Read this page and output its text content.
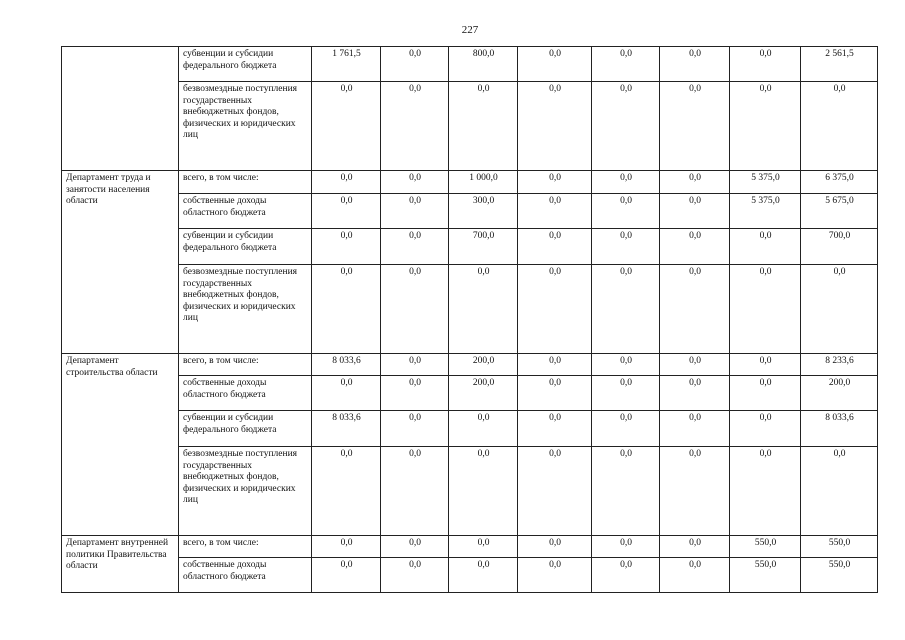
227
	субвенции и субсидии федерального бюджета	1 761,5	0,0	800,0	0,0	0,0	0,0	0,0	2 561,5
	безвозмездные поступления государственных внебюджетных фондов, физических и юридических лиц	0,0	0,0	0,0	0,0	0,0	0,0	0,0	0,0
Департамент труда и занятости населения области	всего, в том числе:	0,0	0,0	1 000,0	0,0	0,0	0,0	5 375,0	6 375,0
	собственные доходы областного бюджета	0,0	0,0	300,0	0,0	0,0	0,0	5 375,0	5 675,0
	субвенции и субсидии федерального бюджета	0,0	0,0	700,0	0,0	0,0	0,0	0,0	700,0
	безвозмездные поступления государственных внебюджетных фондов, физических и юридических лиц	0,0	0,0	0,0	0,0	0,0	0,0	0,0	0,0
Департамент строительства области	всего, в том числе:	8 033,6	0,0	200,0	0,0	0,0	0,0	0,0	8 233,6
	собственные доходы областного бюджета	0,0	0,0	200,0	0,0	0,0	0,0	0,0	200,0
	субвенции и субсидии федерального бюджета	8 033,6	0,0	0,0	0,0	0,0	0,0	0,0	8 033,6
	безвозмездные поступления государственных внебюджетных фондов, физических и юридических лиц	0,0	0,0	0,0	0,0	0,0	0,0	0,0	0,0
Департамент внутренней политики Правительства области	всего, в том числе:	0,0	0,0	0,0	0,0	0,0	0,0	550,0	550,0
	собственные доходы областного бюджета	0,0	0,0	0,0	0,0	0,0	0,0	550,0	550,0
